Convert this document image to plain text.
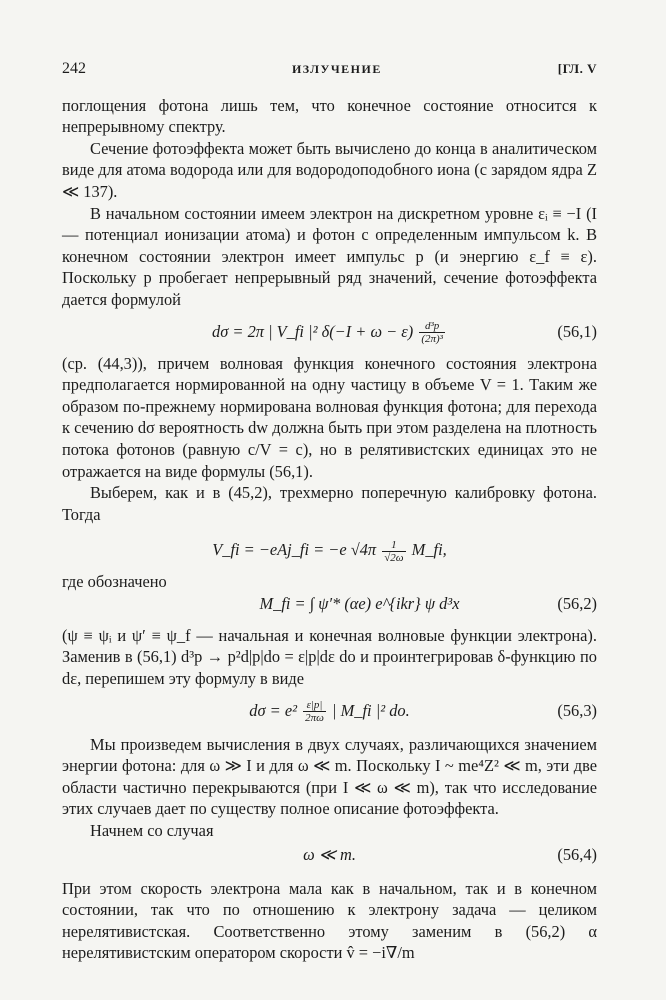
242	ИЗЛУЧЕНИЕ	[ГЛ. V

поглощения фотона лишь тем, что конечное состояние относится к непрерывному спектру.

Сечение фотоэффекта может быть вычислено до конца в аналитическом виде для атома водорода или для водородоподобного иона (с зарядом ядра Z ≪ 137).

В начальном состоянии имеем электрон на дискретном уровне εᵢ ≡ −I (I — потенциал ионизации атома) и фотон с определенным импульсом k. В конечном состоянии электрон имеет импульс p (и энергию ε_f ≡ ε). Поскольку p пробегает непрерывный ряд значений, сечение фотоэффекта дается формулой

dσ = 2π | V_fi |² $\delta(-I + \omega - \varepsilon) \frac{\text{d³p}}{\text{(2π)³}}$	(56,1)

(ср. (44,3)), причем волновая функция конечного состояния электрона предполагается нормированной на одну частицу в объеме V = 1. Таким же образом по-прежнему нормирована волновая функция фотона; для перехода к сечению dσ вероятность dw должна быть при этом разделена на плотность потока фотонов (равную c/V = c), но в релятивистских единицах это не отражается на виде формулы (56,1).

Выберем, как и в (45,2), трехмерно поперечную калибровку фотона. Тогда

V_fi = −eAj_fi = −e $√4\pi \frac{1}{√2\omega}$ M_fi,

где обозначено

M_fi = ∫ ψ′* (αe) e^{ikr} ψ d³x	(56,2)

(ψ ≡ ψᵢ и ψ′ ≡ ψ_f — начальная и конечная волновые функции электрона). Заменив в (56,1) d³p → p²d|p|do = ε|p|dε do и проинтегрировав δ-функцию по dε, перепишем эту формулу в виде

$d\sigma = e^2 \frac{\varepsilon|p|}{2\pi\omega}$ | M_fi |² do.	(56,3)

Мы произведем вычисления в двух случаях, различающихся значением энергии фотона: для ω ≫ I и для ω ≪ m. Поскольку I ~ me⁴Z² ≪ m, эти две области частично перекрываются (при I ≪ ω ≪ m), так что исследование этих случаев дает по существу полное описание фотоэффекта.

Начнем со случая

ω ≪ m.	(56,4)

При этом скорость электрона мала как в начальном, так и в конечном состоянии, так что по отношению к электрону задача — целиком нерелятивистская. Соответственно этому заменим в (56,2) α нерелятивистским оператором скорости v̂ = −i∇/m
